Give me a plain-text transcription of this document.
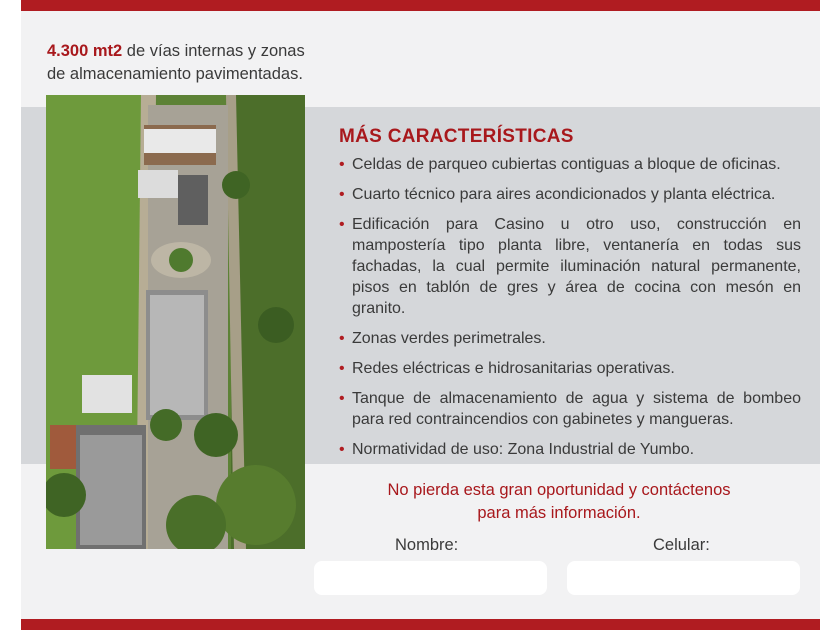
4.300 mt2 de vías internas y zonas
de almacenamiento pavimentadas.
MÁS CARACTERÍSTICAS
• Celdas de parqueo cubiertas contiguas a bloque de oficinas.
• Cuarto técnico para aires acondicionados y planta eléctrica.
• Edificación para Casino u otro uso, construcción en mampostería tipo planta libre, ventanería en todas sus fachadas, la cual permite iluminación natural permanente, pisos en tablón de gres y área de cocina con mesón en granito.
• Zonas verdes perimetrales.
• Redes eléctricas e hidrosanitarias operativas.
• Tanque de almacenamiento de agua y sistema de bombeo para red contraincendios con gabinetes y mangueras.
• Normatividad de uso: Zona Industrial de Yumbo.
No pierda esta gran oportunidad y contáctenos
para más información.
Nombre:	Celular:
